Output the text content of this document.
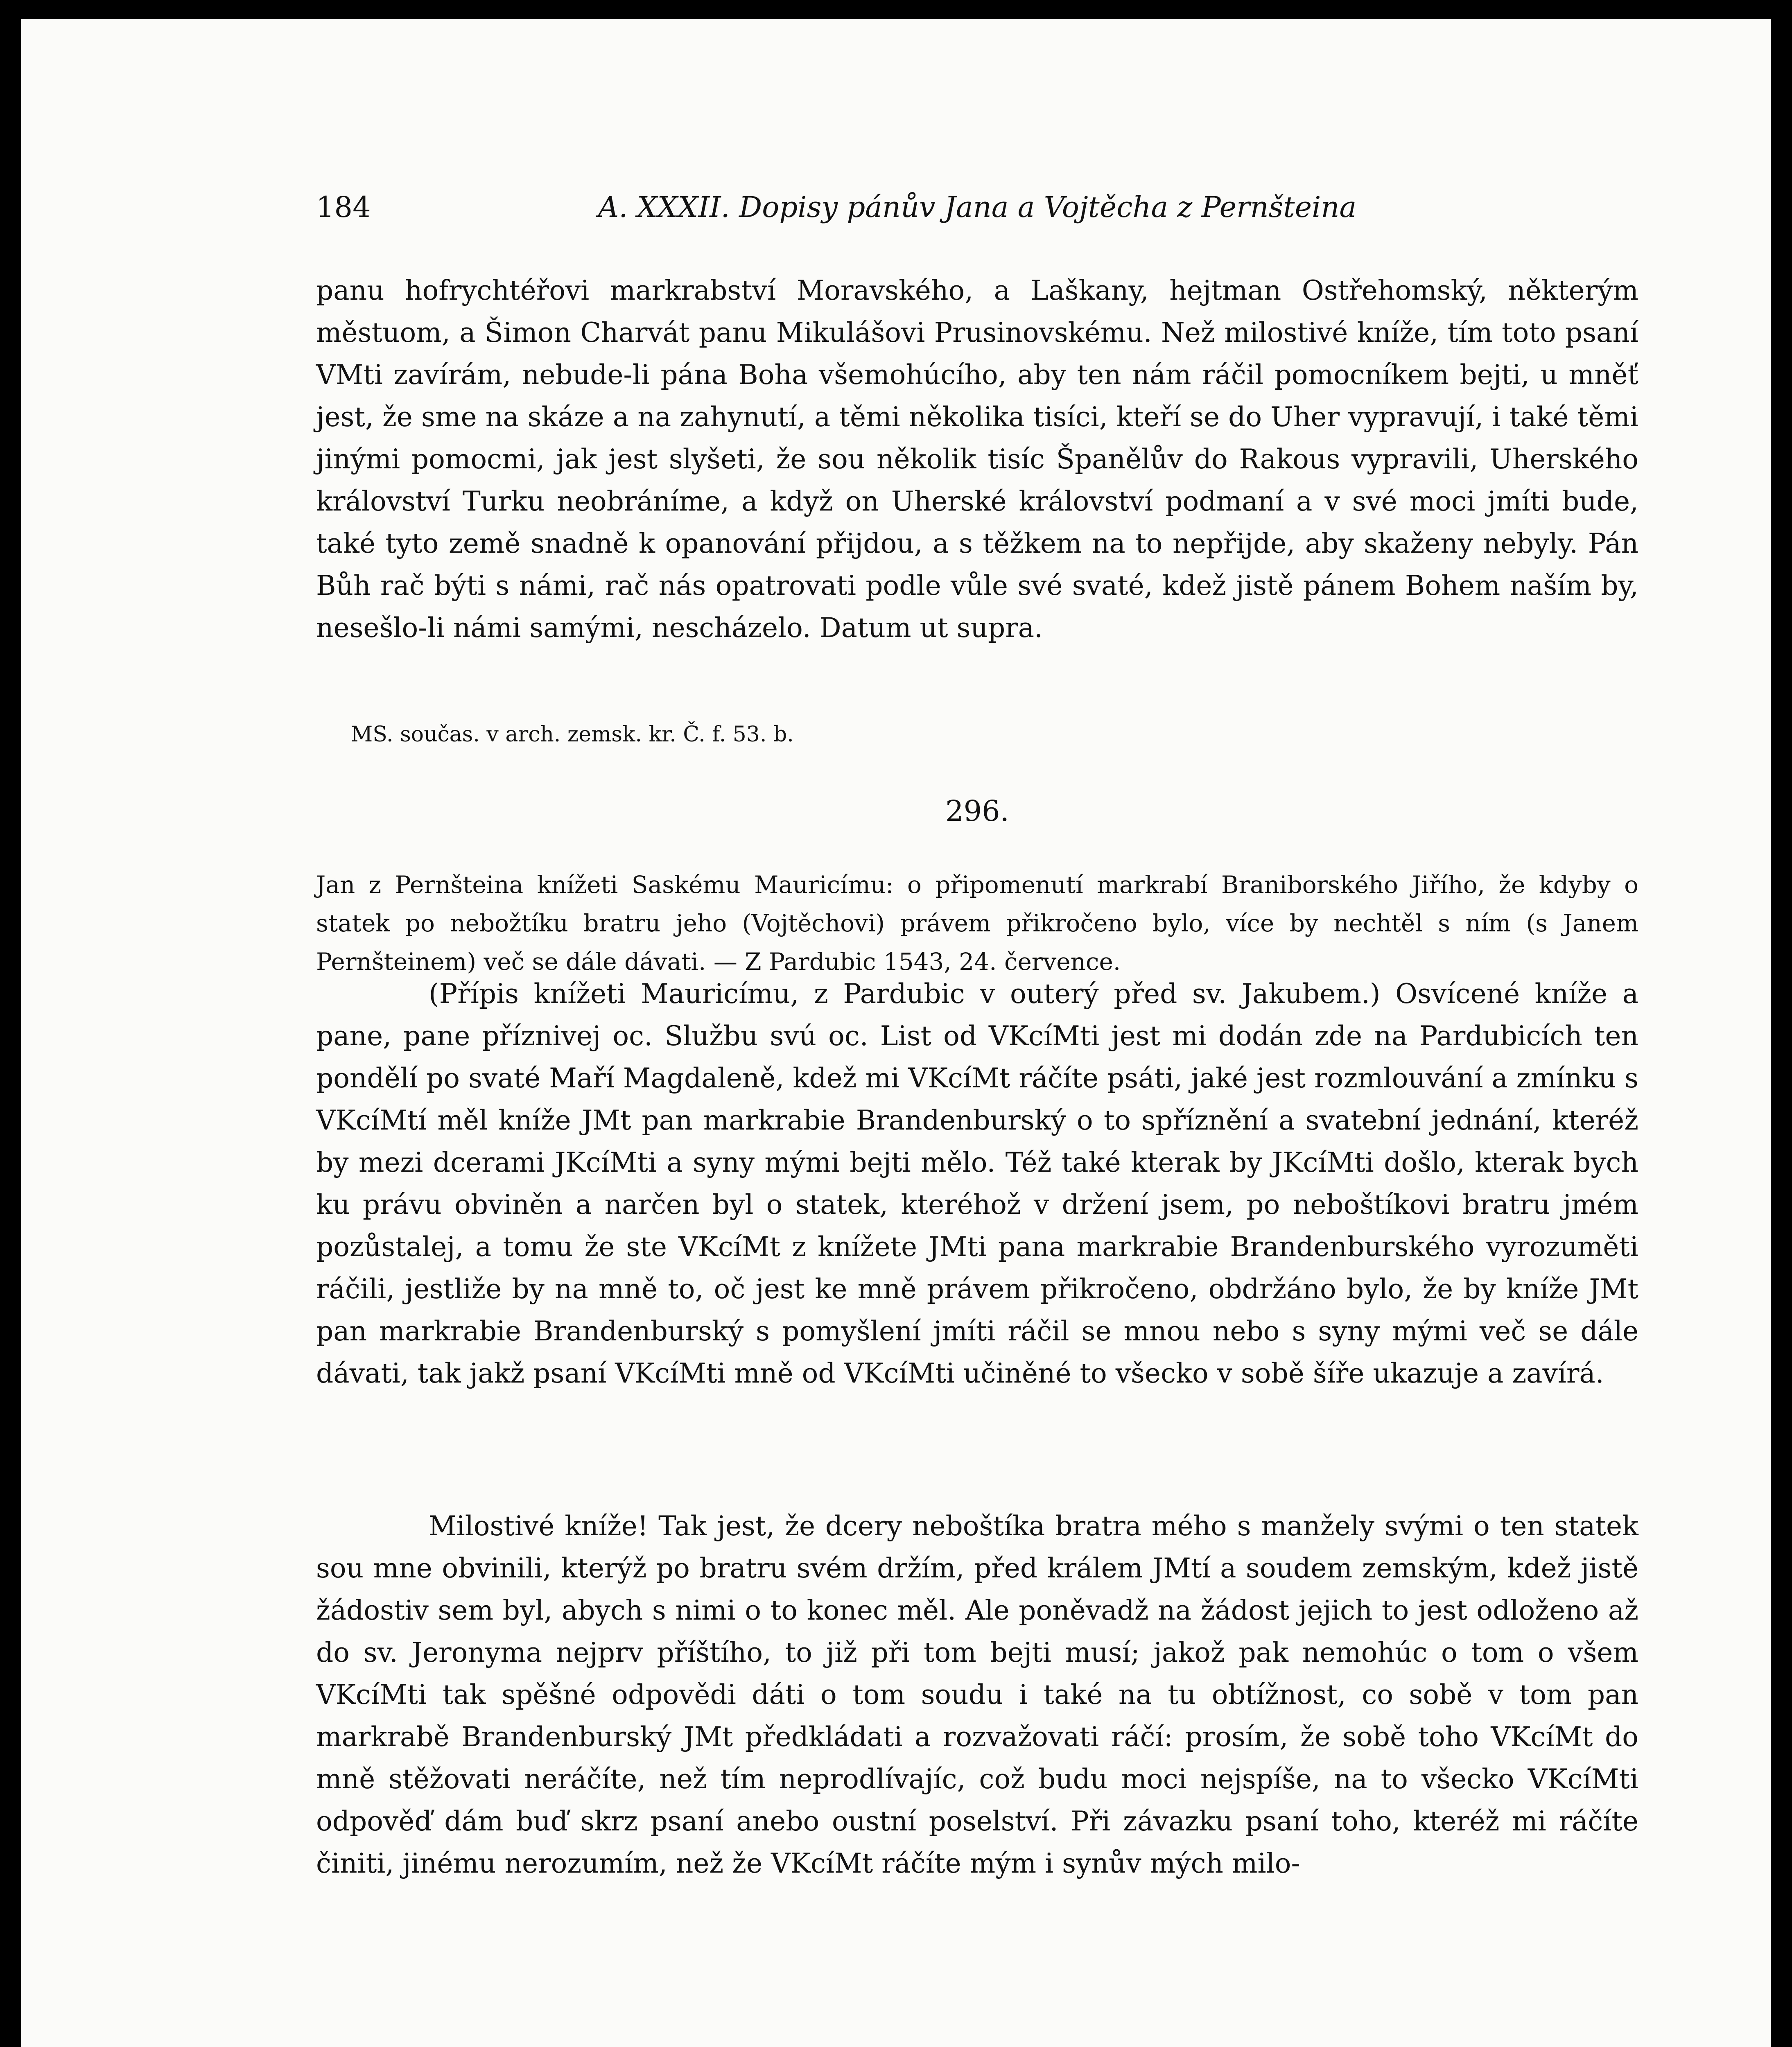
184	A. XXXII. Dopisy pánův Jana a Vojtěcha z Pernšteina

panu hofrychtéřovi markrabství Moravského, a Laškany, hejtman Ostřehomský, některým městuom, a Šimon Charvát panu Mikulášovi Prusinovskému. Než milostivé kníže, tím toto psaní VMti zavírám, nebude-li pána Boha všemohúcího, aby ten nám ráčil pomocníkem bejti, u mněť jest, že sme na skáze a na zahynutí, a těmi několika tisíci, kteří se do Uher vypravují, i také těmi jinými pomocmi, jak jest slyšeti, že sou několik tisíc Španělův do Rakous vypravili, Uherského království Turku neobráníme, a když on Uherské království podmaní a v své moci jmíti bude, také tyto země snadně k opanování přijdou, a s těžkem na to nepřijde, aby skaženy nebyly. Pán Bůh rač býti s námi, rač nás opatrovati podle vůle své svaté, kdež jistě pánem Bohem naším by, nesešlo-li námi samými, nescházelo. Datum ut supra.

MS. součas. v arch. zemsk. kr. Č. f. 53. b.
296.

Jan z Pernšteina knížeti Saskému Mauricímu: o připomenutí markrabí Braniborského Jiřího, že kdyby o statek po nebožtíku bratru jeho (Vojtěchovi) právem přikročeno bylo, více by nechtěl s ním (s Janem Pernšteinem) več se dále dávati. — Z Pardubic 1543, 24. července.

(Přípis knížeti Mauricímu, z Pardubic v outerý před sv. Jakubem.) Osvícené kníže a pane, pane příznivej oc. Službu svú oc. List od VKcíMti jest mi dodán zde na Pardubicích ten pondělí po svaté Maří Magdaleně, kdež mi VKcíMt ráčíte psáti, jaké jest rozmlouvání a zmínku s VKcíMtí měl kníže JMt pan markrabie Brandenburský o to spříznění a svatební jednání, kteréž by mezi dcerami JKcíMti a syny mými bejti mělo. Též také kterak by JKcíMti došlo, kterak bych ku právu obviněn a narčen byl o statek, kteréhož v držení jsem, po neboštíkovi bratru jmém pozůstalej, a tomu že ste VKcíMt z knížete JMti pana markrabie Brandenburského vyrozuměti ráčili, jestliže by na mně to, oč jest ke mně právem přikročeno, obdržáno bylo, že by kníže JMt pan markrabie Brandenburský s pomyšlení jmíti ráčil se mnou nebo s syny mými več se dále dávati, tak jakž psaní VKcíMti mně od VKcíMti učiněné to všecko v sobě šíře ukazuje a zavírá.

Milostivé kníže! Tak jest, že dcery neboštíka bratra mého s manžely svými o ten statek sou mne obvinili, kterýž po bratru svém držím, před králem JMtí a soudem zemským, kdež jistě žádostiv sem byl, abych s nimi o to konec měl. Ale poněvadž na žádost jejich to jest odloženo až do sv. Jeronyma nejprv příštího, to již při tom bejti musí; jakož pak nemohúc o tom o všem VKcíMti tak spěšné odpovědi dáti o tom soudu i také na tu obtížnost, co sobě v tom pan markrabě Brandenburský JMt předkládati a rozvažovati ráčí: prosím, že sobě toho VKcíMt do mně stěžovati neráčíte, než tím neprodlívajíc, což budu moci nejspíše, na to všecko VKcíMti odpověď dám buď skrz psaní anebo oustní poselství. Při závazku psaní toho, kteréž mi ráčíte činiti, jinému nerozumím, než že VKcíMt ráčíte mým i synův mých milo-
